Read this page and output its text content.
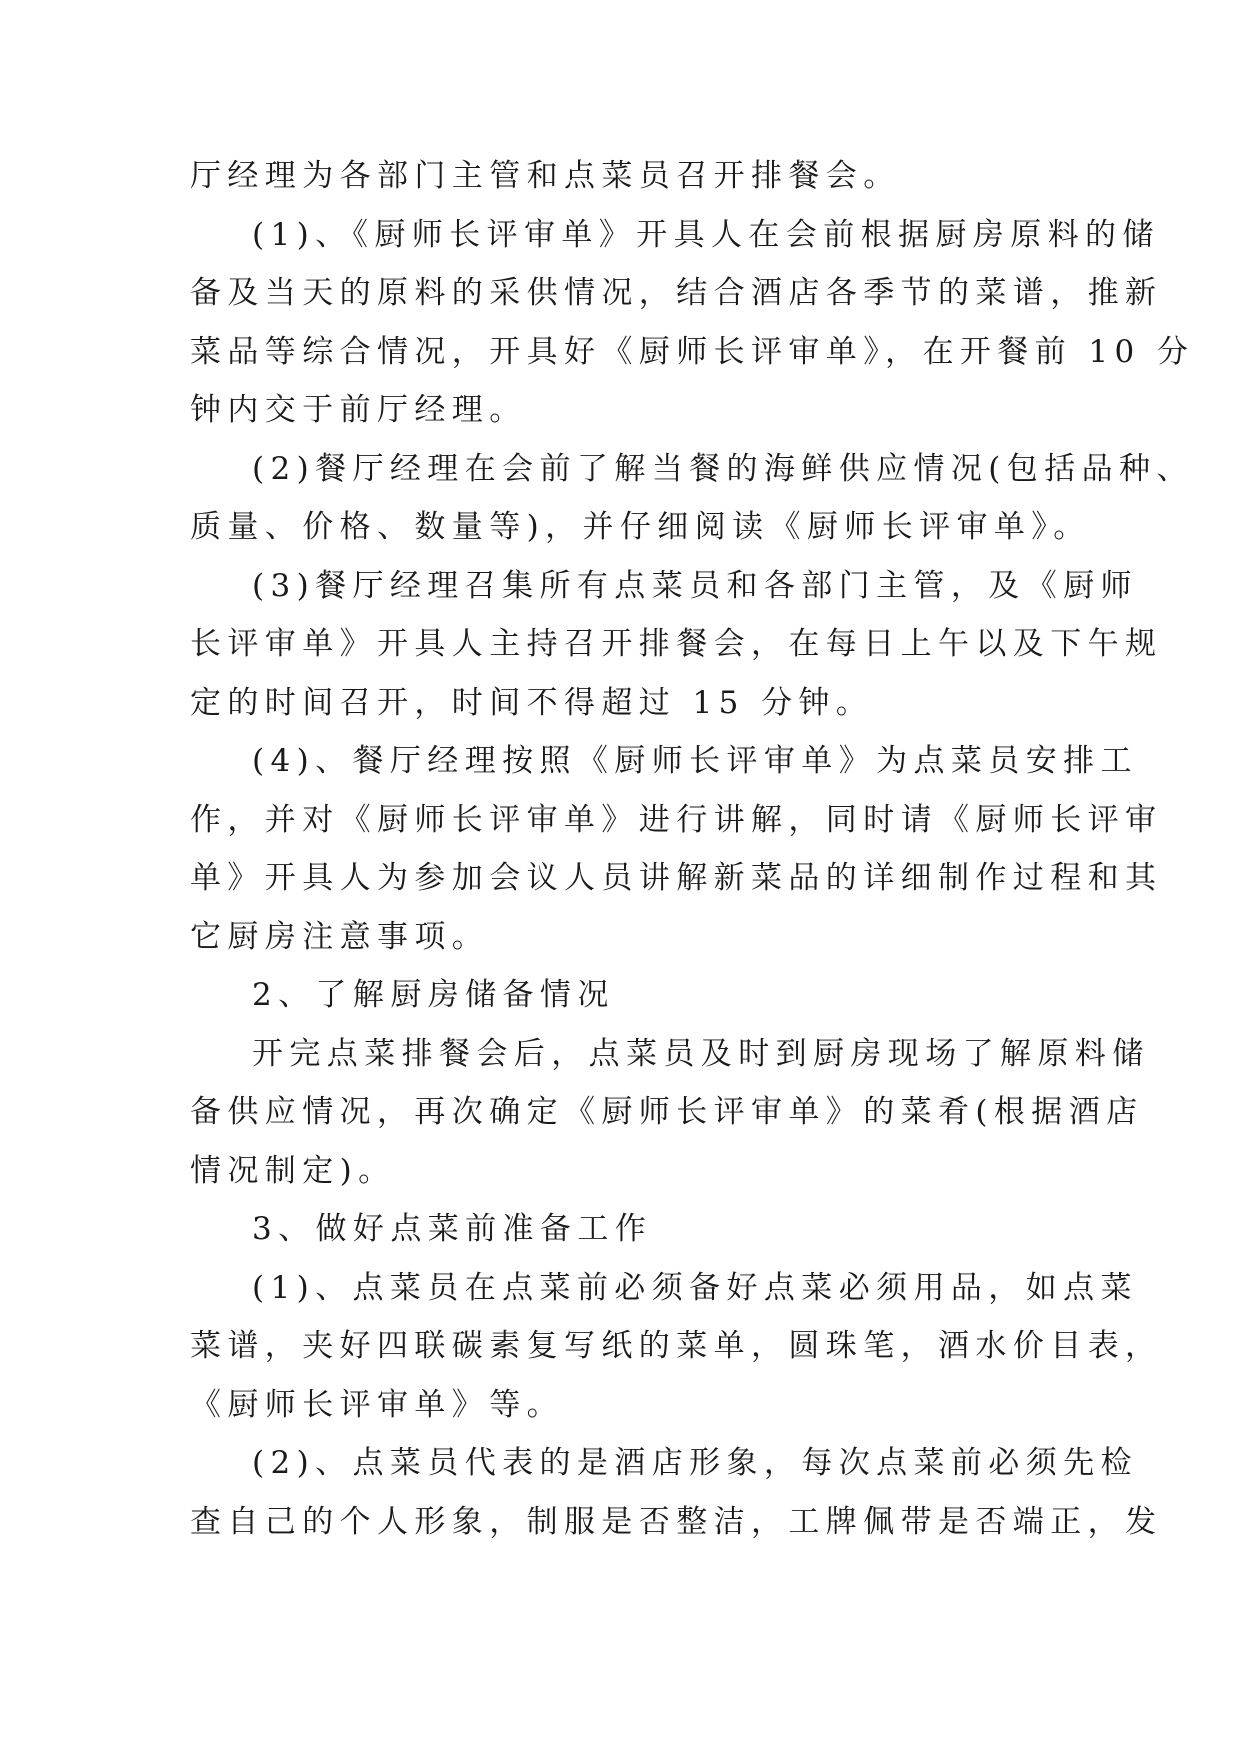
厅经理为各部门主管和点菜员召开排餐会。
(1)、《厨师长评审单》开具人在会前根据厨房原料的储
备及当天的原料的采供情况，结合酒店各季节的菜谱，推新
菜品等综合情况，开具好《厨师长评审单》，在开餐前 10 分
钟内交于前厅经理。
(2)餐厅经理在会前了解当餐的海鲜供应情况(包括品种、
质量、价格、数量等)，并仔细阅读《厨师长评审单》。
(3)餐厅经理召集所有点菜员和各部门主管，及《厨师
长评审单》开具人主持召开排餐会，在每日上午以及下午规
定的时间召开，时间不得超过 15 分钟。
(4)、餐厅经理按照《厨师长评审单》为点菜员安排工
作，并对《厨师长评审单》进行讲解，同时请《厨师长评审
单》开具人为参加会议人员讲解新菜品的详细制作过程和其
它厨房注意事项。
2、了解厨房储备情况
开完点菜排餐会后，点菜员及时到厨房现场了解原料储
备供应情况，再次确定《厨师长评审单》的菜肴(根据酒店
情况制定)。
3、做好点菜前准备工作
(1)、点菜员在点菜前必须备好点菜必须用品，如点菜
菜谱，夹好四联碳素复写纸的菜单，圆珠笔，酒水价目表，
《厨师长评审单》等。
(2)、点菜员代表的是酒店形象，每次点菜前必须先检
查自己的个人形象，制服是否整洁，工牌佩带是否端正，发
